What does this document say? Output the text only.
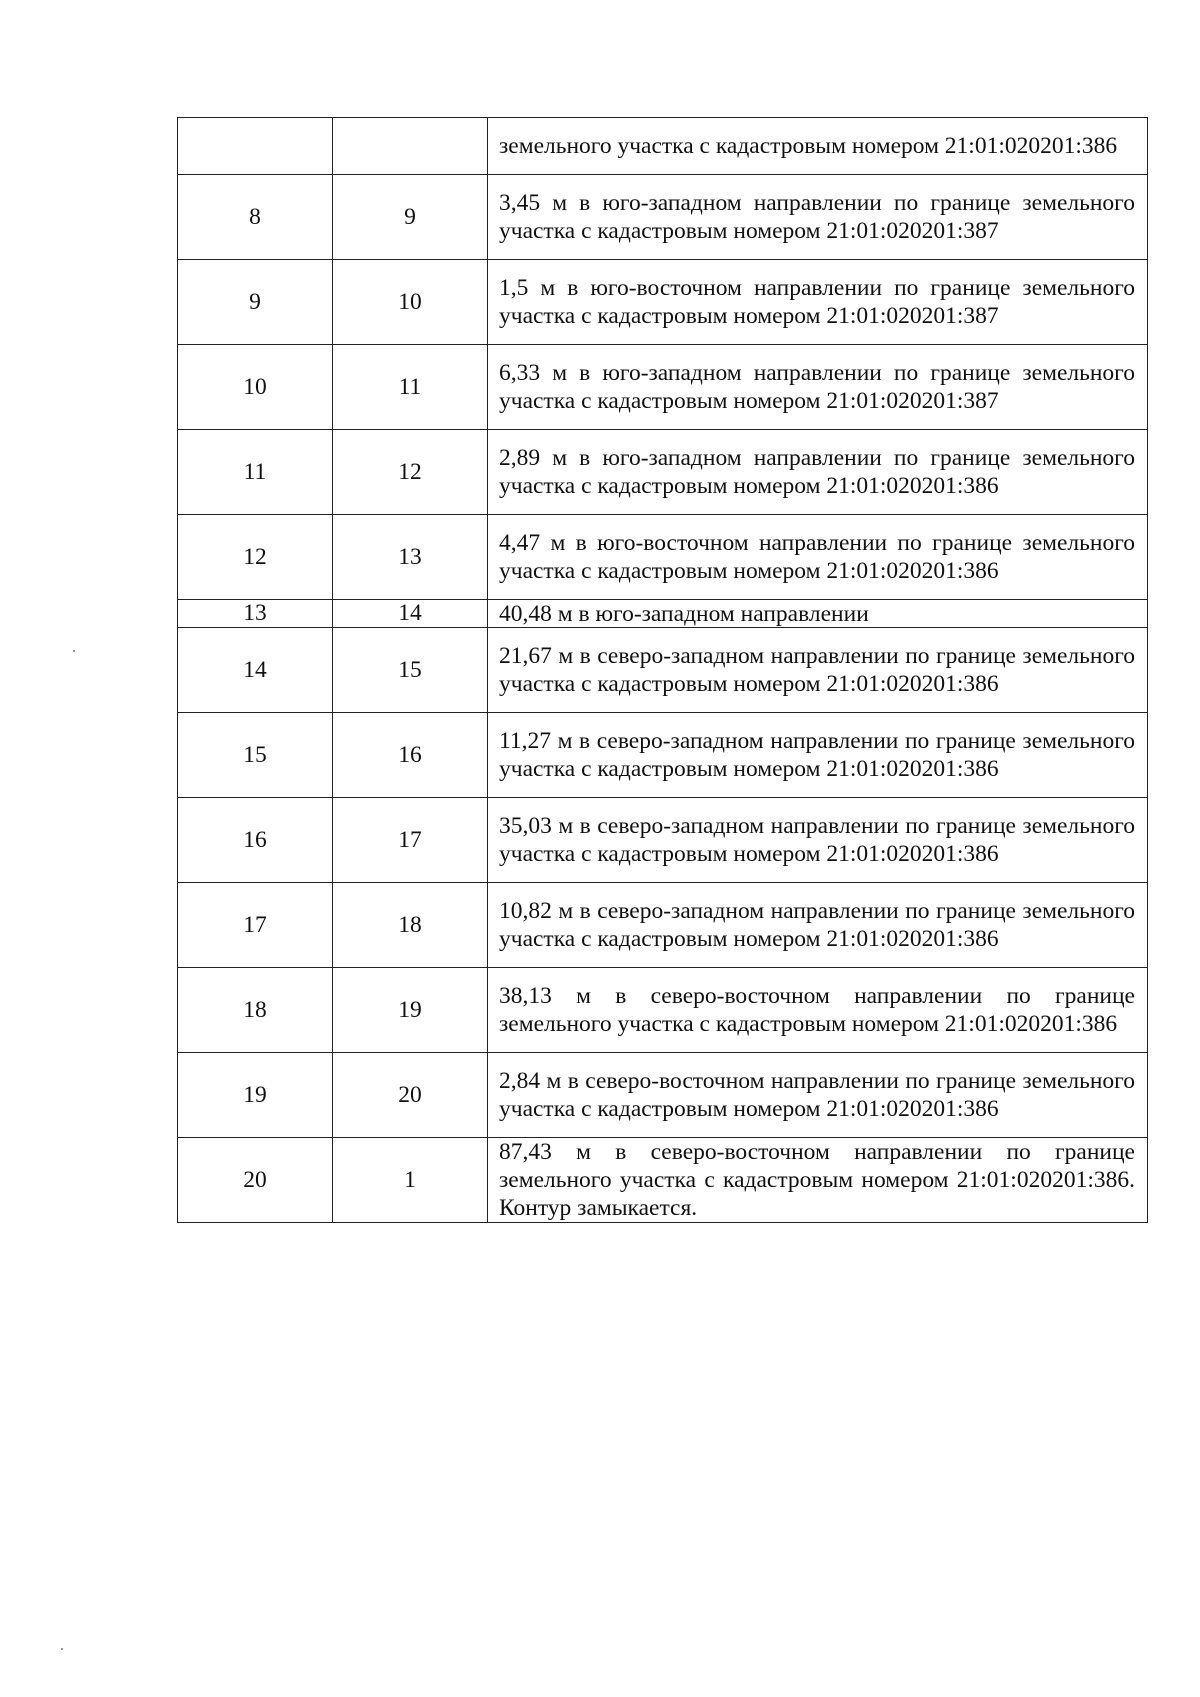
		земельного участка с кадастровым номером 21:01:020201:386
8	9	3,45 м в юго-западном направлении по границе земельного участка с кадастровым номером 21:01:020201:387
9	10	1,5 м в юго-восточном направлении по границе земельного участка с кадастровым номером 21:01:020201:387
10	11	6,33 м в юго-западном направлении по границе земельного участка с кадастровым номером 21:01:020201:387
11	12	2,89 м в юго-западном направлении по границе земельного участка с кадастровым номером 21:01:020201:386
12	13	4,47 м в юго-восточном направлении по границе земельного участка с кадастровым номером 21:01:020201:386
13	14	40,48 м в юго-западном направлении
14	15	21,67 м в северо-западном направлении по границе земельного участка с кадастровым номером 21:01:020201:386
15	16	11,27 м в северо-западном направлении по границе земельного участка с кадастровым номером 21:01:020201:386
16	17	35,03 м в северо-западном направлении по границе земельного участка с кадастровым номером 21:01:020201:386
17	18	10,82 м в северо-западном направлении по границе земельного участка с кадастровым номером 21:01:020201:386
18	19	38,13 м в северо-восточном направлении по границе земельного участка с кадастровым номером 21:01:020201:386
19	20	2,84 м в северо-восточном направлении по границе земельного участка с кадастровым номером 21:01:020201:386
20	1	87,43 м в северо-восточном направлении по границе земельного участка с кадастровым номером 21:01:020201:386. Контур замыкается.
